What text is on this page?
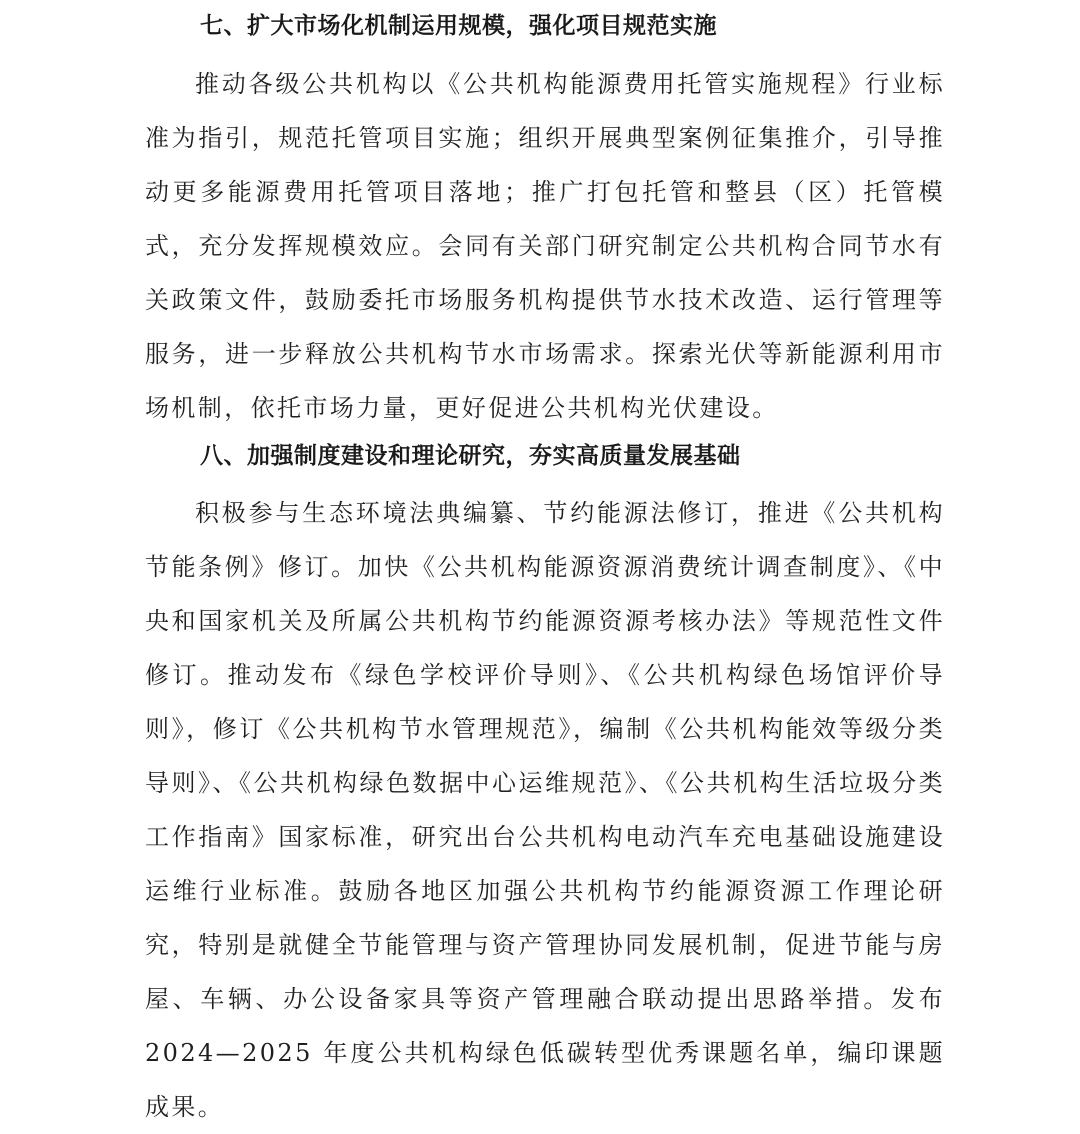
七、扩大市场化机制运用规模，强化项目规范实施

推动各级公共机构以《公共机构能源费用托管实施规程》行业标准为指引，规范托管项目实施；组织开展典型案例征集推介，引导推动更多能源费用托管项目落地；推广打包托管和整县（区）托管模式，充分发挥规模效应。会同有关部门研究制定公共机构合同节水有关政策文件，鼓励委托市场服务机构提供节水技术改造、运行管理等服务，进一步释放公共机构节水市场需求。探索光伏等新能源利用市场机制，依托市场力量，更好促进公共机构光伏建设。

八、加强制度建设和理论研究，夯实高质量发展基础

积极参与生态环境法典编纂、节约能源法修订，推进《公共机构节能条例》修订。加快《公共机构能源资源消费统计调查制度》、《中央和国家机关及所属公共机构节约能源资源考核办法》等规范性文件修订。推动发布《绿色学校评价导则》、《公共机构绿色场馆评价导则》，修订《公共机构节水管理规范》，编制《公共机构能效等级分类导则》、《公共机构绿色数据中心运维规范》、《公共机构生活垃圾分类工作指南》国家标准，研究出台公共机构电动汽车充电基础设施建设运维行业标准。鼓励各地区加强公共机构节约能源资源工作理论研究，特别是就健全节能管理与资产管理协同发展机制，促进节能与房屋、车辆、办公设备家具等资产管理融合联动提出思路举措。发布 2024—2025 年度公共机构绿色低碳转型优秀课题名单，编印课题成果。
